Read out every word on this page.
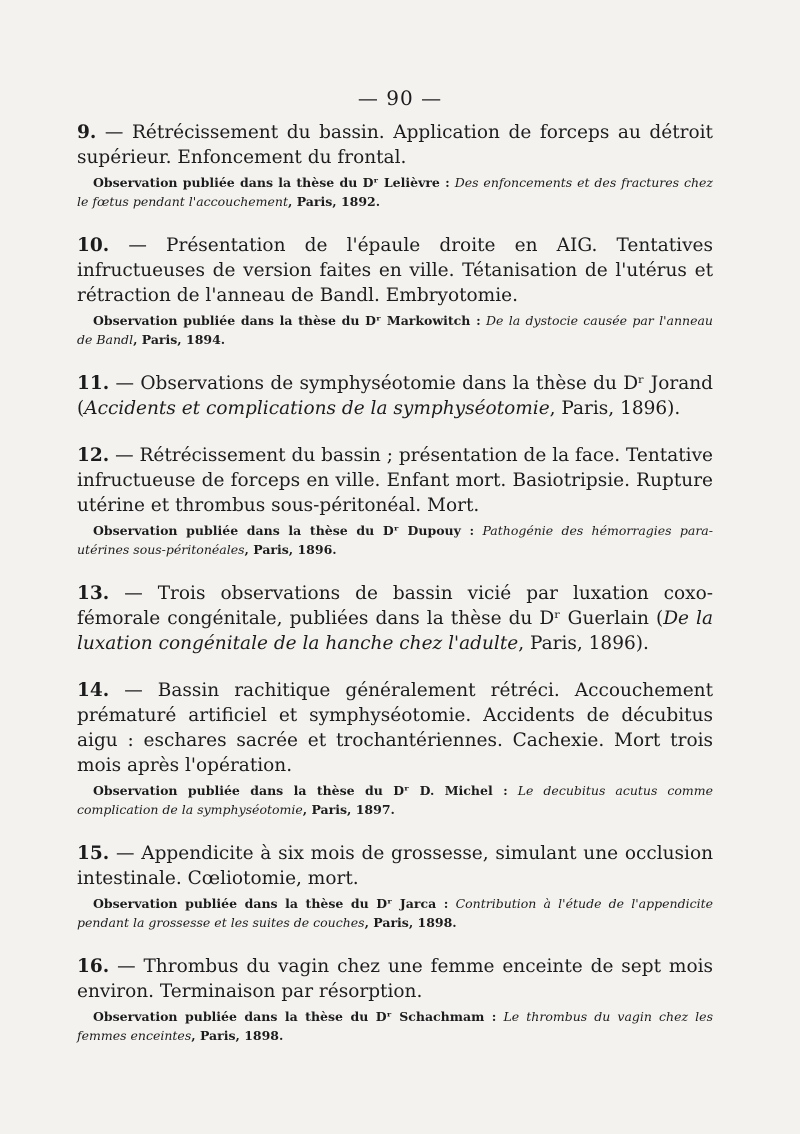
— 90 —

9. — Rétrécissement du bassin. Application de forceps au détroit supérieur. Enfoncement du frontal.

Observation publiée dans la thèse du Dʳ Lelièvre : Des enfoncements et des fractures chez le fœtus pendant l'accouchement, Paris, 1892.

10. — Présentation de l'épaule droite en AIG. Tentatives infructueuses de version faites en ville. Tétanisation de l'utérus et rétraction de l'anneau de Bandl. Embryotomie.

Observation publiée dans la thèse du Dʳ Markowitch : De la dystocie causée par l'anneau de Bandl, Paris, 1894.

11. — Observations de symphyséotomie dans la thèse du Dʳ Jorand (Accidents et complications de la symphyséotomie, Paris, 1896).

12. — Rétrécissement du bassin ; présentation de la face. Tentative infructueuse de forceps en ville. Enfant mort. Basiotripsie. Rupture utérine et thrombus sous-péritonéal. Mort.

Observation publiée dans la thèse du Dʳ Dupouy : Pathogénie des hémorragies para-utérines sous-péritonéales, Paris, 1896.

13. — Trois observations de bassin vicié par luxation coxo-fémorale congénitale, publiées dans la thèse du Dʳ Guerlain (De la luxation congénitale de la hanche chez l'adulte, Paris, 1896).

14. — Bassin rachitique généralement rétréci. Accouchement prématuré artificiel et symphyséotomie. Accidents de décubitus aigu : eschares sacrée et trochantériennes. Cachexie. Mort trois mois après l'opération.

Observation publiée dans la thèse du Dʳ D. Michel : Le decubitus acutus comme complication de la symphyséotomie, Paris, 1897.

15. — Appendicite à six mois de grossesse, simulant une occlusion intestinale. Cœliotomie, mort.

Observation publiée dans la thèse du Dʳ Jarca : Contribution à l'étude de l'appendicite pendant la grossesse et les suites de couches, Paris, 1898.

16. — Thrombus du vagin chez une femme enceinte de sept mois environ. Terminaison par résorption.

Observation publiée dans la thèse du Dʳ Schachmam : Le thrombus du vagin chez les femmes enceintes, Paris, 1898.
